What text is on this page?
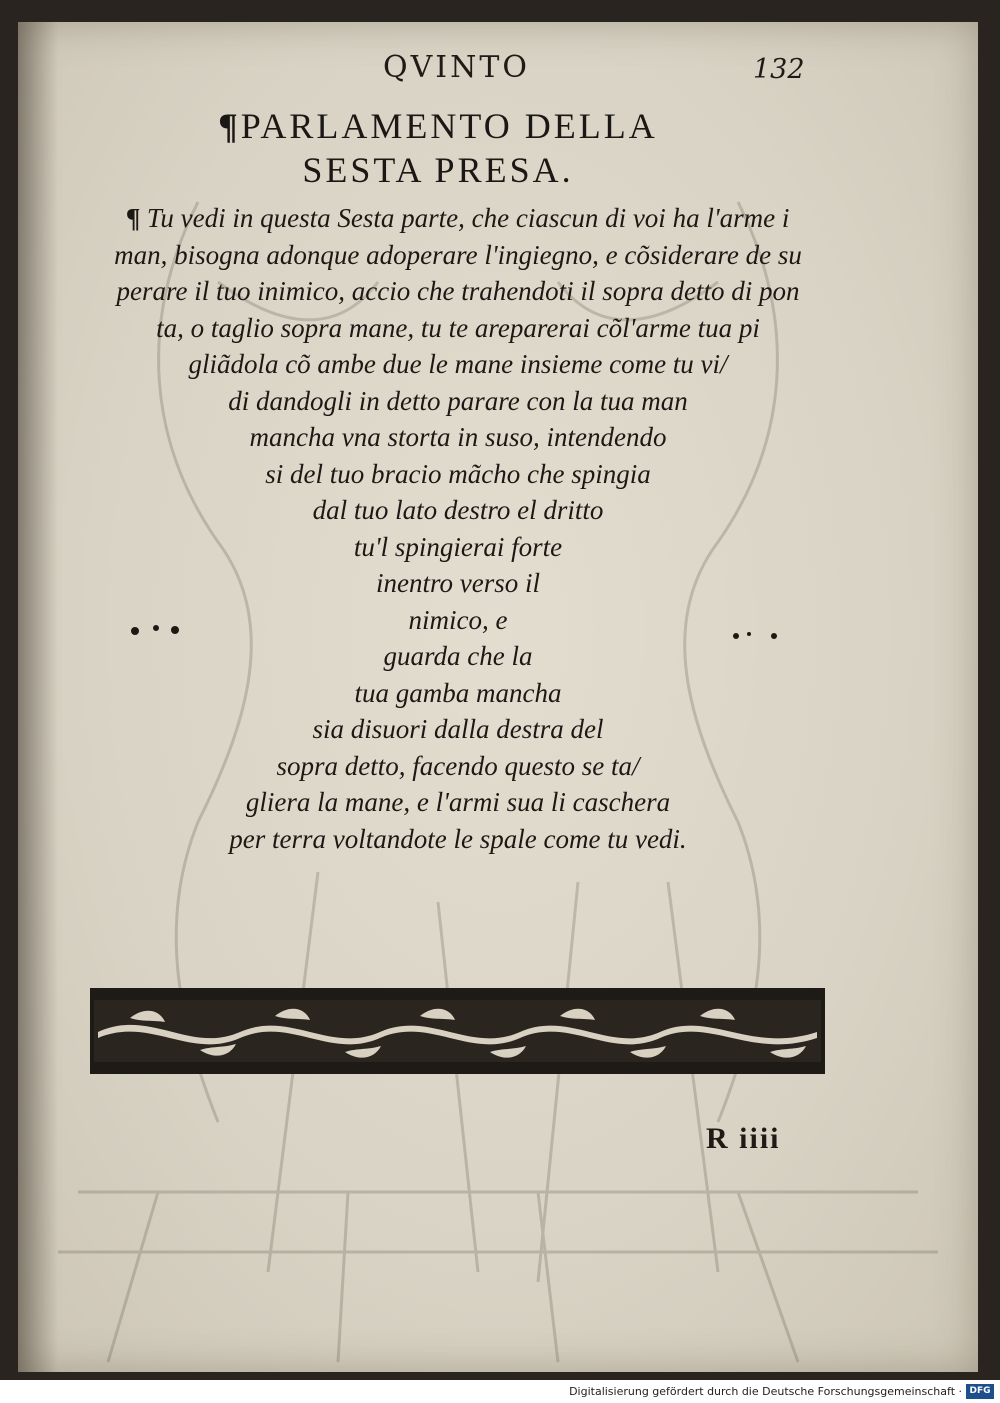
QVINTO	132
¶PARLAMENTO DELLA
SESTA PRESA.
¶ Tu vedi in questa Sesta parte, che ciascun di voi ha l'arme i
man, bisogna adonque adoperare l'ingiegno, e cõsiderare de su
perare il tuo inimico, accio che trahendoti il sopra detto di pon
ta, o taglio sopra mane, tu te areparerai cõl'arme tua pi
gliãdola cõ ambe due le mane insieme come tu vi/
di dandogli in detto parare con la tua man
mancha vna storta in suso, intendendo
si del tuo bracio mãcho che spingia
dal tuo lato destro el dritto
tu'l spingierai forte
inentro verso il
nimico, e
guarda che la
tua gamba mancha
sia disuori dalla destra del
sopra detto, facendo questo se ta/
gliera la mane, e l'armi sua li caschera
per terra voltandote le spale come tu vedi.
R iiii
Digitalisierung gefördert durch die Deutsche Forschungsgemeinschaft · DFG
